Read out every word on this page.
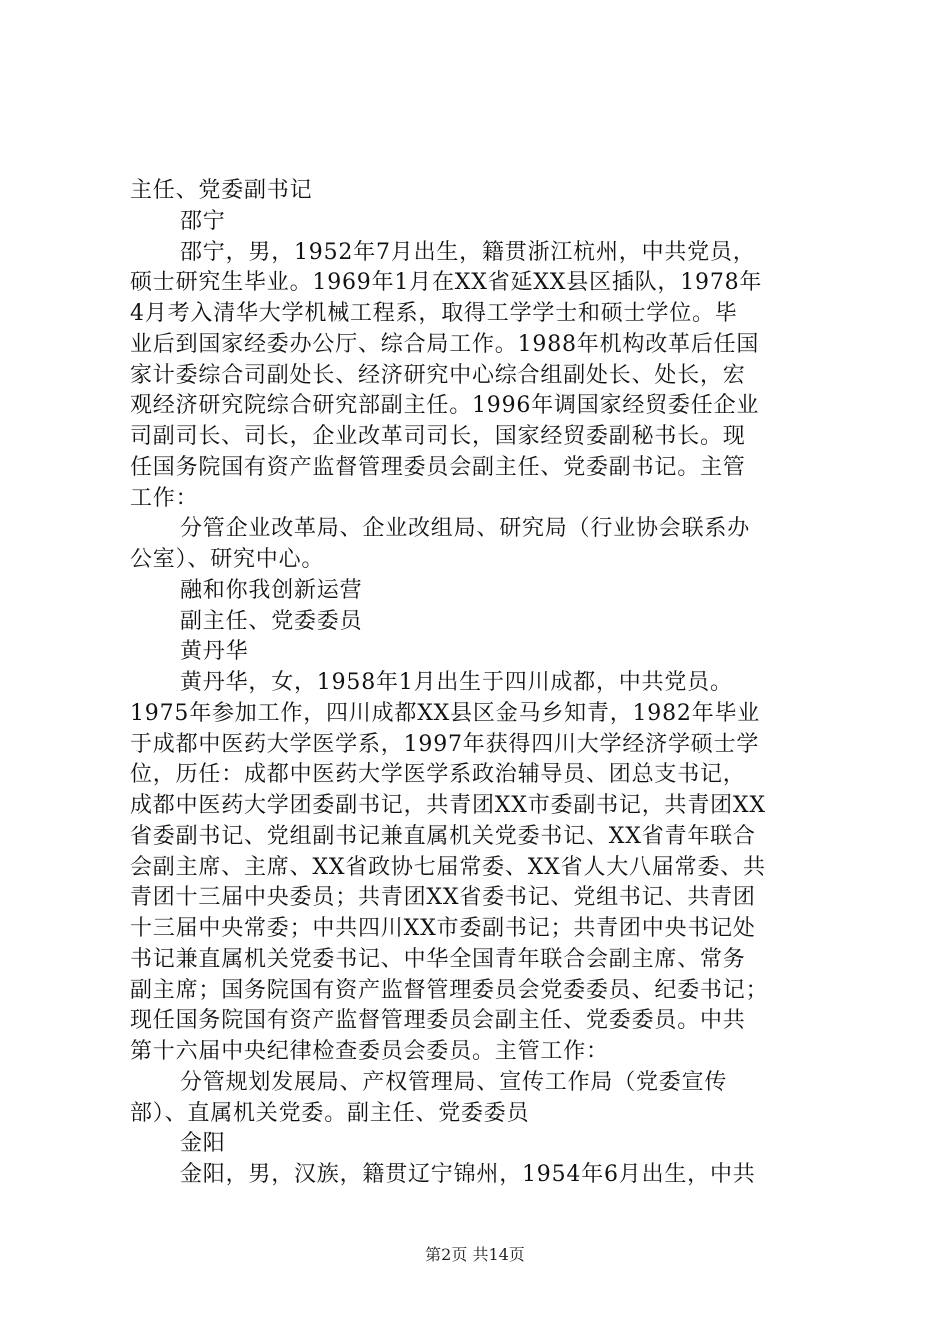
主任、党委副书记
邵宁
邵宁，男，1952年7月出生，籍贯浙江杭州，中共党员，
硕士研究生毕业。1969年1月在XX省延XX县区插队，1978年
4月考入清华大学机械工程系，取得工学学士和硕士学位。毕
业后到国家经委办公厅、综合局工作。1988年机构改革后任国
家计委综合司副处长、经济研究中心综合组副处长、处长，宏
观经济研究院综合研究部副主任。1996年调国家经贸委任企业
司副司长、司长，企业改革司司长，国家经贸委副秘书长。现
任国务院国有资产监督管理委员会副主任、党委副书记。主管
工作：
分管企业改革局、企业改组局、研究局（行业协会联系办
公室）、研究中心。
融和你我创新运营
副主任、党委委员
黄丹华
黄丹华，女，1958年1月出生于四川成都，中共党员。
1975年参加工作，四川成都XX县区金马乡知青，1982年毕业
于成都中医药大学医学系，1997年获得四川大学经济学硕士学
位，历任：成都中医药大学医学系政治辅导员、团总支书记，
成都中医药大学团委副书记，共青团XX市委副书记，共青团XX
省委副书记、党组副书记兼直属机关党委书记、XX省青年联合
会副主席、主席、XX省政协七届常委、XX省人大八届常委、共
青团十三届中央委员；共青团XX省委书记、党组书记、共青团
十三届中央常委；中共四川XX市委副书记；共青团中央书记处
书记兼直属机关党委书记、中华全国青年联合会副主席、常务
副主席；国务院国有资产监督管理委员会党委委员、纪委书记；
现任国务院国有资产监督管理委员会副主任、党委委员。中共
第十六届中央纪律检查委员会委员。主管工作：
分管规划发展局、产权管理局、宣传工作局（党委宣传
部）、直属机关党委。副主任、党委委员
金阳
金阳，男，汉族，籍贯辽宁锦州，1954年6月出生，中共
第2页 共14页
